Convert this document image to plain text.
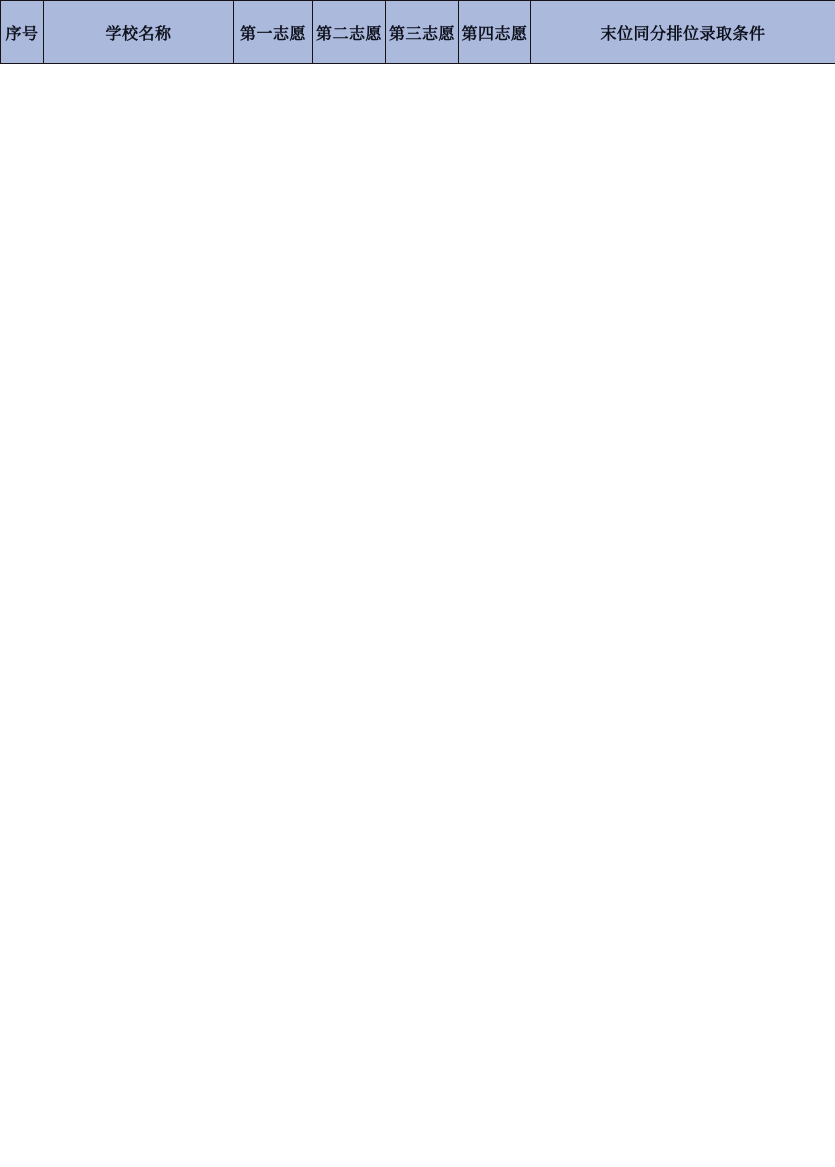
序号	学校名称	第一志愿	第二志愿	第三志愿	第四志愿	末位同分排位录取条件
